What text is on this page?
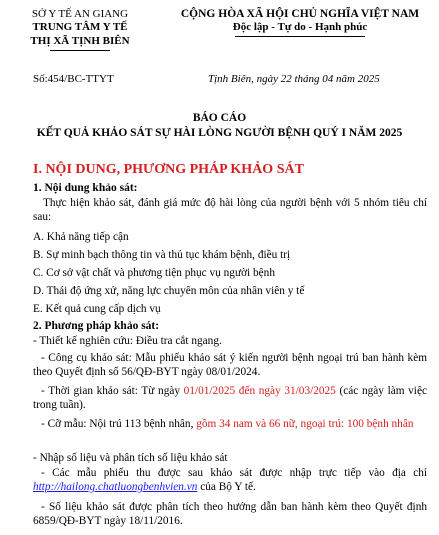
SỞ Y TẾ AN GIANG
TRUNG TÂM Y TẾ
THỊ XÃ TỊNH BIÊN
CỘNG HÒA XÃ HỘI CHỦ NGHĨA VIỆT NAM
Độc lập - Tự do - Hạnh phúc
Số:454/BC-TTYT	Tịnh Biên, ngày 22 tháng 04 năm 2025
BÁO CÁO
KẾT QUẢ KHẢO SÁT SỰ HÀI LÒNG NGƯỜI BỆNH QUÝ I NĂM 2025
I. NỘI DUNG, PHƯƠNG PHÁP KHẢO SÁT
1. Nội dung khảo sát:
Thực hiện khảo sát, đánh giá mức độ hài lòng của người bệnh với 5 nhóm tiêu chí sau:
A. Khả năng tiếp cận
B. Sự minh bạch thông tin và thủ tục khám bệnh, điều trị
C. Cơ sở vật chất và phương tiện phục vụ người bệnh
D. Thái độ ứng xử, năng lực chuyên môn của nhân viên y tế
E. Kết quả cung cấp dịch vụ
2. Phương pháp khảo sát:
- Thiết kế nghiên cứu: Điều tra cắt ngang.
- Công cụ khảo sát: Mẫu phiếu khảo sát ý kiến người bệnh ngoại trú ban hành kèm theo Quyết định số 56/QĐ-BYT ngày 08/01/2024.
- Thời gian khảo sát: Từ ngày 01/01/2025 đến ngày 31/03/2025 (các ngày làm việc trong tuần).
- Cỡ mẫu: Nội trú 113 bệnh nhân, gồm 34 nam và 66 nữ, ngoại trú: 100 bệnh nhân
- Nhập số liệu và phân tích số liệu khảo sát
- Các mẫu phiếu thu được sau khảo sát được nhập trực tiếp vào địa chỉ http://hailong.chatluongbenhvien.vn của Bộ Y tế.
- Số liệu khảo sát được phân tích theo hướng dẫn ban hành kèm theo Quyết định 6859/QĐ-BYT ngày 18/11/2016.
